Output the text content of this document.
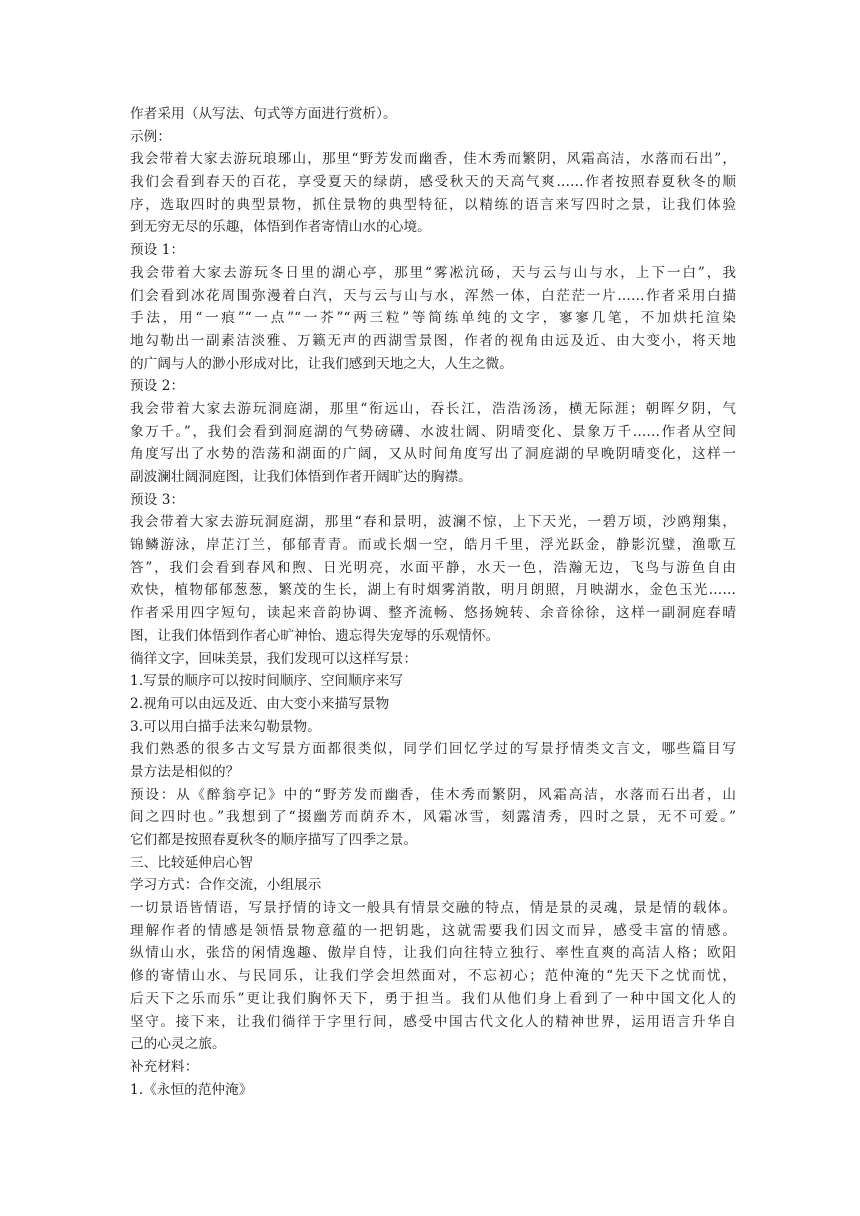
作者采用（从写法、句式等方面进行赏析）。
示例：
我会带着大家去游玩琅琊山，那里“野芳发而幽香，佳木秀而繁阴，风霜高洁，水落而石出”，
我们会看到春天的百花，享受夏天的绿荫，感受秋天的天高气爽……作者按照春夏秋冬的顺
序，选取四时的典型景物，抓住景物的典型特征，以精练的语言来写四时之景，让我们体验
到无穷无尽的乐趣，体悟到作者寄情山水的心境。
预设 1：
我会带着大家去游玩冬日里的湖心亭，那里“雾凇沆砀，天与云与山与水，上下一白”，我
们会看到冰花周围弥漫着白汽，天与云与山与水，浑然一体，白茫茫一片……作者采用白描
手法，用“一痕”“一点”“一芥”“两三粒”等简练单纯的文字，寥寥几笔，不加烘托渲染
地勾勒出一副素洁淡雅、万籁无声的西湖雪景图，作者的视角由远及近、由大变小，将天地
的广阔与人的渺小形成对比，让我们感到天地之大，人生之微。
预设 2：
我会带着大家去游玩洞庭湖，那里“衔远山，吞长江，浩浩汤汤，横无际涯；朝晖夕阴，气
象万千。”，我们会看到洞庭湖的气势磅礴、水波壮阔、阴晴变化、景象万千……作者从空间
角度写出了水势的浩荡和湖面的广阔，又从时间角度写出了洞庭湖的早晚阴晴变化，这样一
副波澜壮阔洞庭图，让我们体悟到作者开阔旷达的胸襟。
预设 3：
我会带着大家去游玩洞庭湖，那里“春和景明，波澜不惊，上下天光，一碧万顷，沙鸥翔集，
锦鳞游泳，岸芷汀兰，郁郁青青。而或长烟一空，皓月千里，浮光跃金，静影沉璧，渔歌互
答”，我们会看到春风和煦、日光明亮，水面平静，水天一色，浩瀚无边，飞鸟与游鱼自由
欢快，植物郁郁葱葱，繁茂的生长，湖上有时烟雾消散，明月朗照，月映湖水，金色玉光……
作者采用四字短句，读起来音韵协调、整齐流畅、悠扬婉转、余音徐徐，这样一副洞庭春晴
图，让我们体悟到作者心旷神怡、遗忘得失宠辱的乐观情怀。
徜徉文字，回味美景，我们发现可以这样写景：
1.写景的顺序可以按时间顺序、空间顺序来写
2.视角可以由远及近、由大变小来描写景物
3.可以用白描手法来勾勒景物。
我们熟悉的很多古文写景方面都很类似，同学们回忆学过的写景抒情类文言文，哪些篇目写
景方法是相似的？
预设：从《醉翁亭记》中的“野芳发而幽香，佳木秀而繁阴，风霜高洁，水落而石出者，山
间之四时也。”我想到了“掇幽芳而荫乔木，风霜冰雪，刻露清秀，四时之景，无不可爱。”
它们都是按照春夏秋冬的顺序描写了四季之景。
三、比较延伸启心智
学习方式：合作交流，小组展示
一切景语皆情语，写景抒情的诗文一般具有情景交融的特点，情是景的灵魂，景是情的载体。
理解作者的情感是领悟景物意蕴的一把钥匙，这就需要我们因文而异，感受丰富的情感。
纵情山水，张岱的闲情逸趣、傲岸自恃，让我们向往特立独行、率性直爽的高洁人格；欧阳
修的寄情山水、与民同乐，让我们学会坦然面对，不忘初心；范仲淹的“先天下之忧而忧，
后天下之乐而乐”更让我们胸怀天下，勇于担当。我们从他们身上看到了一种中国文化人的
坚守。接下来，让我们徜徉于字里行间，感受中国古代文化人的精神世界，运用语言升华自
己的心灵之旅。
补充材料：
1.《永恒的范仲淹》
